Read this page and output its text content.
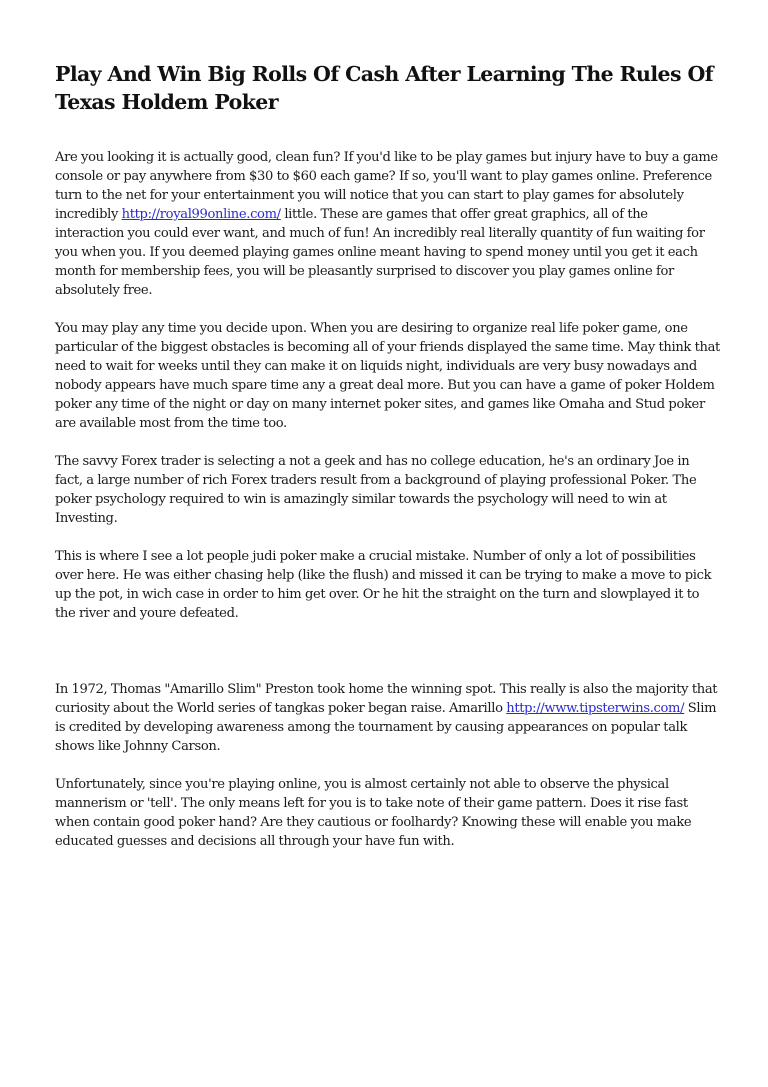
Play And Win Big Rolls Of Cash After Learning The Rules Of Texas Holdem Poker

Are you looking it is actually good, clean fun? If you'd like to be play games but injury have to buy a game console or pay anywhere from $30 to $60 each game? If so, you'll want to play games online. Preference turn to the net for your entertainment you will notice that you can start to play games for absolutely incredibly http://royal99online.com/ little. These are games that offer great graphics, all of the interaction you could ever want, and much of fun! An incredibly real literally quantity of fun waiting for you when you. If you deemed playing games online meant having to spend money until you get it each month for membership fees, you will be pleasantly surprised to discover you play games online for absolutely free.

You may play any time you decide upon. When you are desiring to organize real life poker game, one particular of the biggest obstacles is becoming all of your friends displayed the same time. May think that need to wait for weeks until they can make it on liquids night, individuals are very busy nowadays and nobody appears have much spare time any a great deal more. But you can have a game of poker Holdem poker any time of the night or day on many internet poker sites, and games like Omaha and Stud poker are available most from the time too.

The savvy Forex trader is selecting a not a geek and has no college education, he's an ordinary Joe in fact, a large number of rich Forex traders result from a background of playing professional Poker. The poker psychology required to win is amazingly similar towards the psychology will need to win at Investing.

This is where I see a lot people judi poker make a crucial mistake. Number of only a lot of possibilities over here. He was either chasing help (like the flush) and missed it can be trying to make a move to pick up the pot, in wich case in order to him get over. Or he hit the straight on the turn and slowplayed it to the river and youre defeated.

In 1972, Thomas "Amarillo Slim" Preston took home the winning spot. This really is also the majority that curiosity about the World series of tangkas poker began raise. Amarillo http://www.tipsterwins.com/ Slim is credited by developing awareness among the tournament by causing appearances on popular talk shows like Johnny Carson.

Unfortunately, since you're playing online, you is almost certainly not able to observe the physical mannerism or 'tell'. The only means left for you is to take note of their game pattern. Does it rise fast when contain good poker hand? Are they cautious or foolhardy? Knowing these will enable you make educated guesses and decisions all through your have fun with.
